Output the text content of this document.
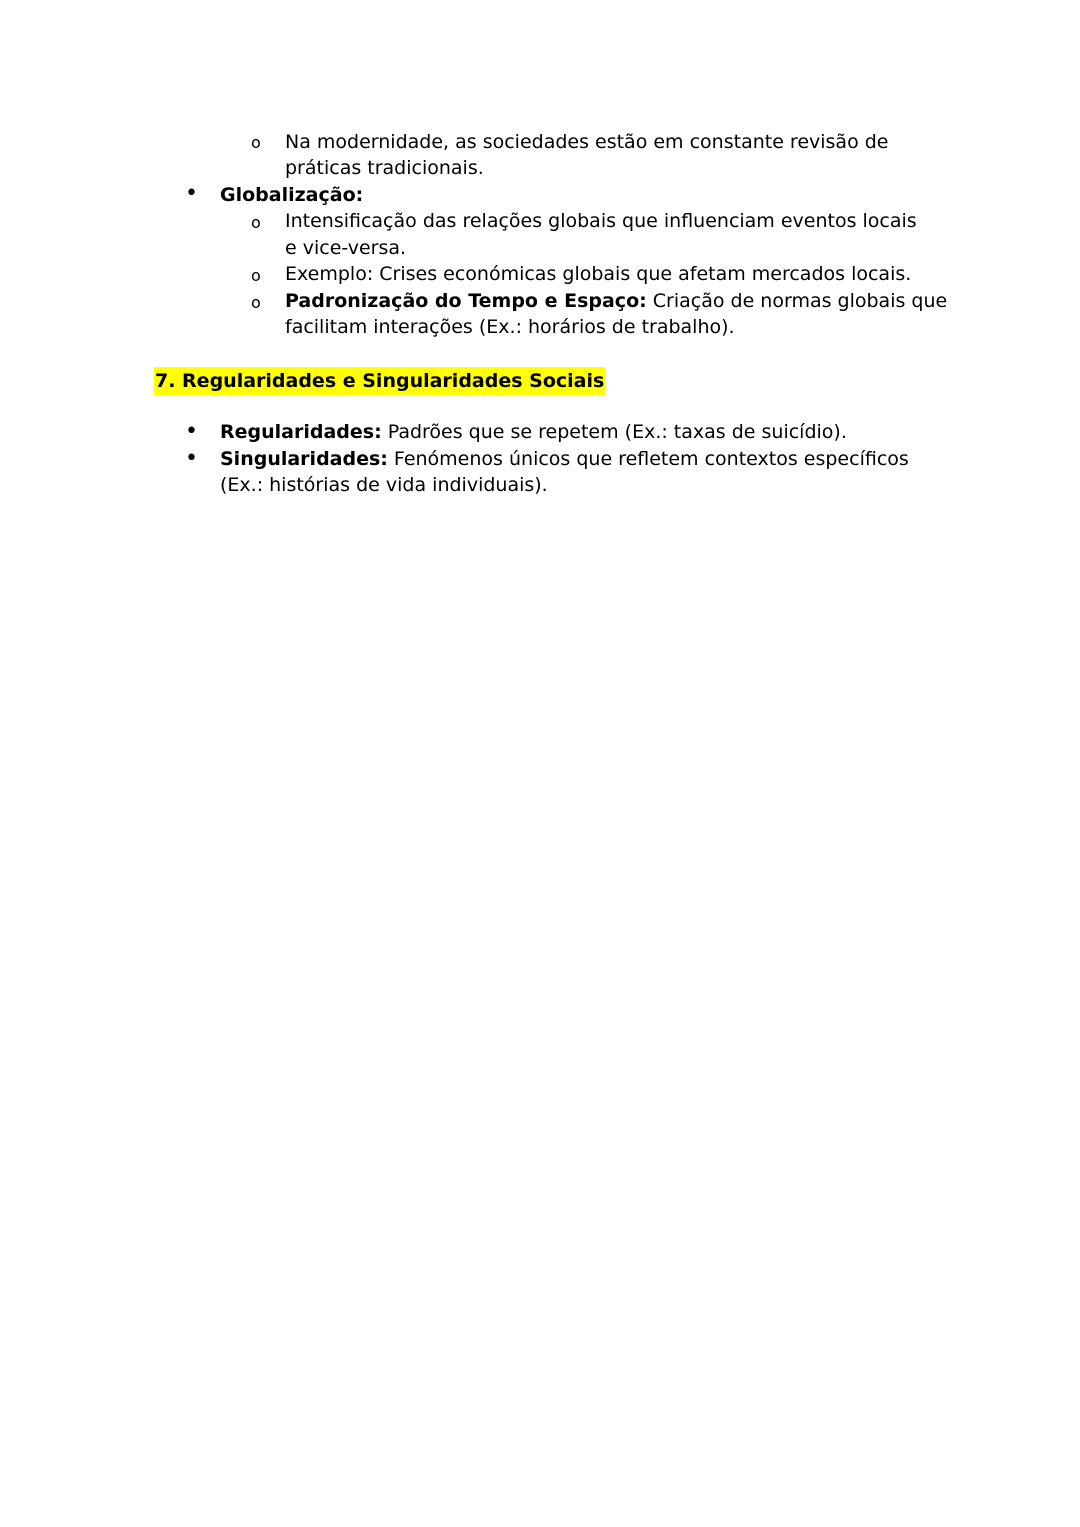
o Na modernidade, as sociedades estão em constante revisão de
práticas tradicionais.
• Globalização:
o Intensificação das relações globais que influenciam eventos locais
e vice-versa.
o Exemplo: Crises económicas globais que afetam mercados locais.
o Padronização do Tempo e Espaço: Criação de normas globais que
facilitam interações (Ex.: horários de trabalho).
7. Regularidades e Singularidades Sociais
• Regularidades: Padrões que se repetem (Ex.: taxas de suicídio).
• Singularidades: Fenómenos únicos que refletem contextos específicos
(Ex.: histórias de vida individuais).
